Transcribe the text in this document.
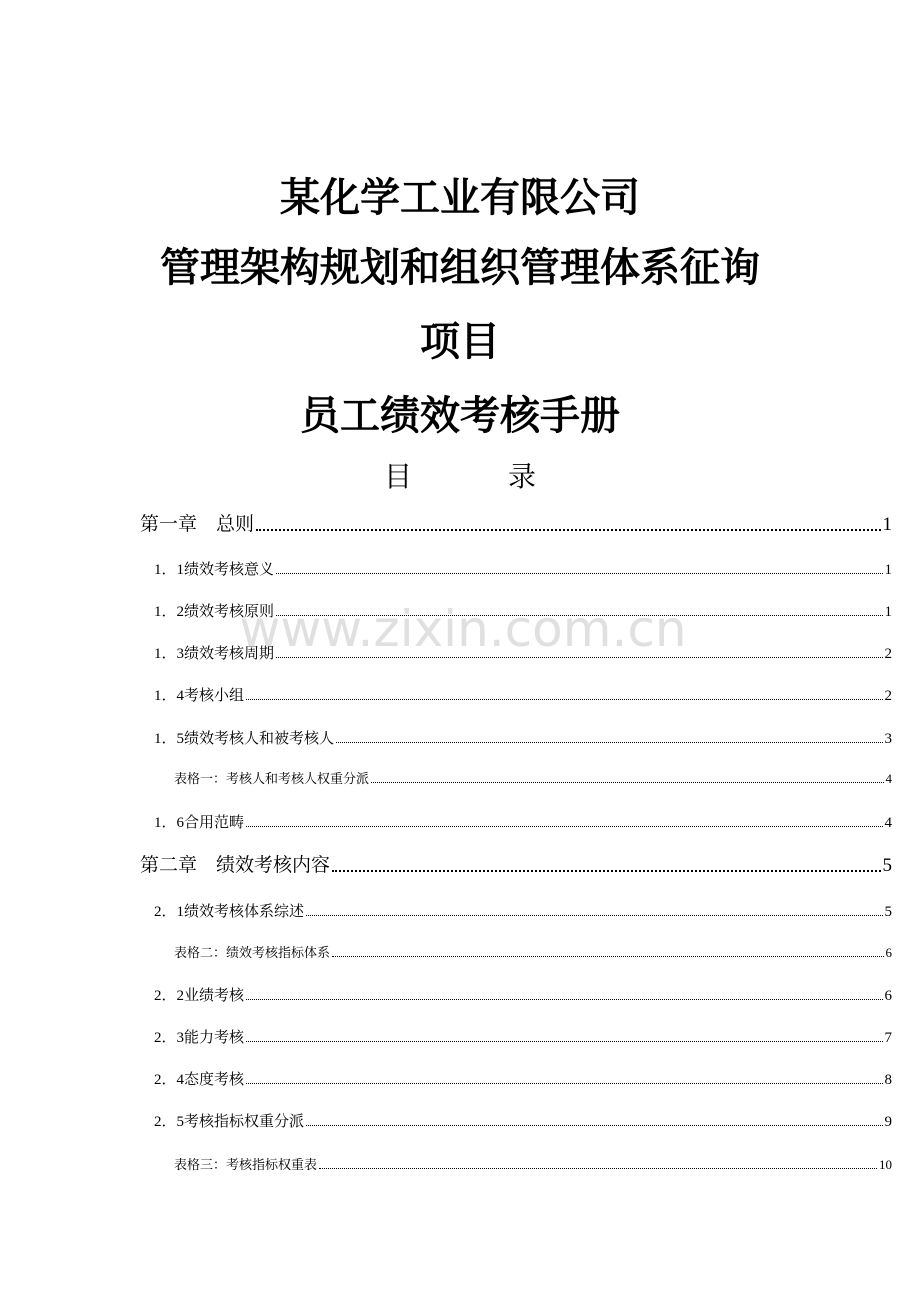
某化学工业有限公司
管理架构规划和组织管理体系征询
项目
员工绩效考核手册
目	录
第一章　总则	1
1．1绩效考核意义	1
1．2绩效考核原则	1
1．3绩效考核周期	2
1．4考核小组	2
1．5绩效考核人和被考核人	3
表格一：考核人和考核人权重分派	4
1．6合用范畴	4
第二章　绩效考核内容	5
2．1绩效考核体系综述	5
表格二：绩效考核指标体系	6
2．2业绩考核	6
2．3能力考核	7
2．4态度考核	8
2．5考核指标权重分派	9
表格三：考核指标权重表	10
www.zixin.com.cn
